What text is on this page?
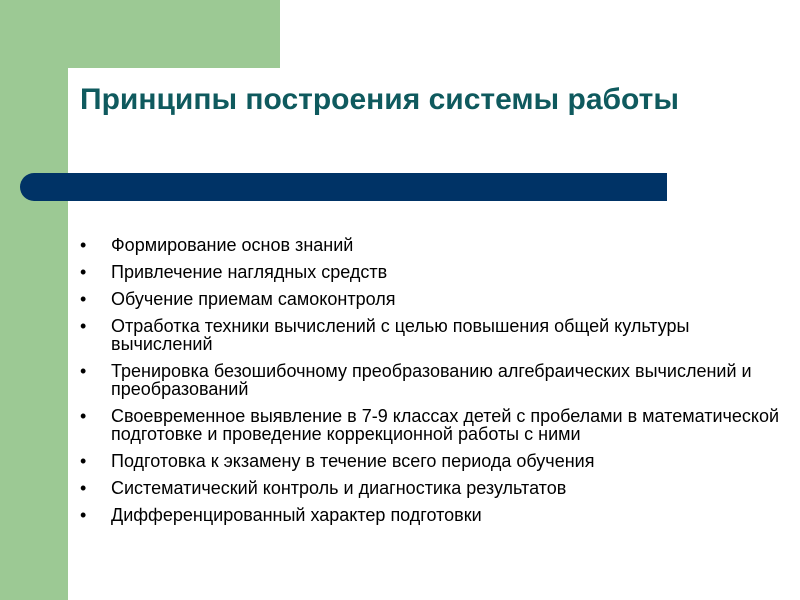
Принципы построения системы работы
•	Формирование основ знаний
•	Привлечение наглядных средств
•	Обучение приемам самоконтроля
•	Отработка техники вычислений с целью повышения общей культуры вычислений
•	Тренировка безошибочному преобразованию алгебраических вычислений и преобразований
•	Своевременное выявление в 7-9 классах детей с пробелами в математической подготовке и проведение коррекционной работы с ними
•	Подготовка к экзамену в течение всего периода обучения
•	Систематический контроль и диагностика результатов
•	Дифференцированный характер подготовки
